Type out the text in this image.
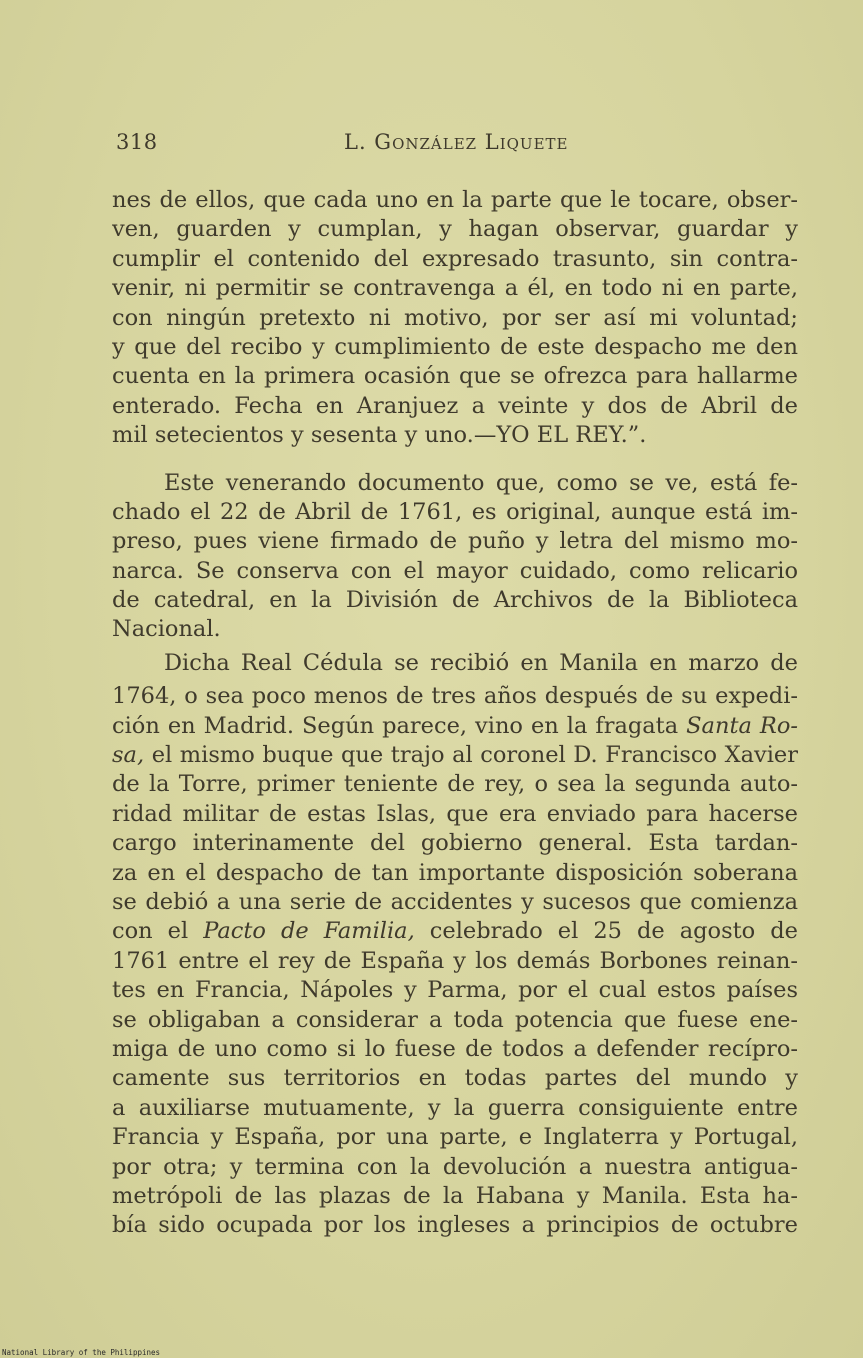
318	L. González Liquete
nes de ellos, que cada uno en la parte que le tocare, obser-
ven, guarden y cumplan, y hagan observar, guardar y
cumplir el contenido del expresado trasunto, sin contra-
venir, ni permitir se contravenga a él, en todo ni en parte,
con ningún pretexto ni motivo, por ser así mi voluntad;
y que del recibo y cumplimiento de este despacho me den
cuenta en la primera ocasión que se ofrezca para hallarme
enterado. Fecha en Aranjuez a veinte y dos de Abril de
mil setecientos y sesenta y uno.—YO EL REY.”.
Este venerando documento que, como se ve, está fe-
chado el 22 de Abril de 1761, es original, aunque está im-
preso, pues viene firmado de puño y letra del mismo mo-
narca. Se conserva con el mayor cuidado, como relicario
de catedral, en la División de Archivos de la Biblioteca
Nacional.
Dicha Real Cédula se recibió en Manila en marzo de
1764, o sea poco menos de tres años después de su expedi-
ción en Madrid. Según parece, vino en la fragata Santa Ro-
sa, el mismo buque que trajo al coronel D. Francisco Xavier
de la Torre, primer teniente de rey, o sea la segunda auto-
ridad militar de estas Islas, que era enviado para hacerse
cargo interinamente del gobierno general. Esta tardan-
za en el despacho de tan importante disposición soberana
se debió a una serie de accidentes y sucesos que comienza
con el Pacto de Familia, celebrado el 25 de agosto de
1761 entre el rey de España y los demás Borbones reinan-
tes en Francia, Nápoles y Parma, por el cual estos países
se obligaban a considerar a toda potencia que fuese ene-
miga de uno como si lo fuese de todos a defender recípro-
camente sus territorios en todas partes del mundo y
a auxiliarse mutuamente, y la guerra consiguiente entre
Francia y España, por una parte, e Inglaterra y Portugal,
por otra; y termina con la devolución a nuestra antigua-
metrópoli de las plazas de la Habana y Manila. Esta ha-
bía sido ocupada por los ingleses a principios de octubre
National Library of the Philippines
